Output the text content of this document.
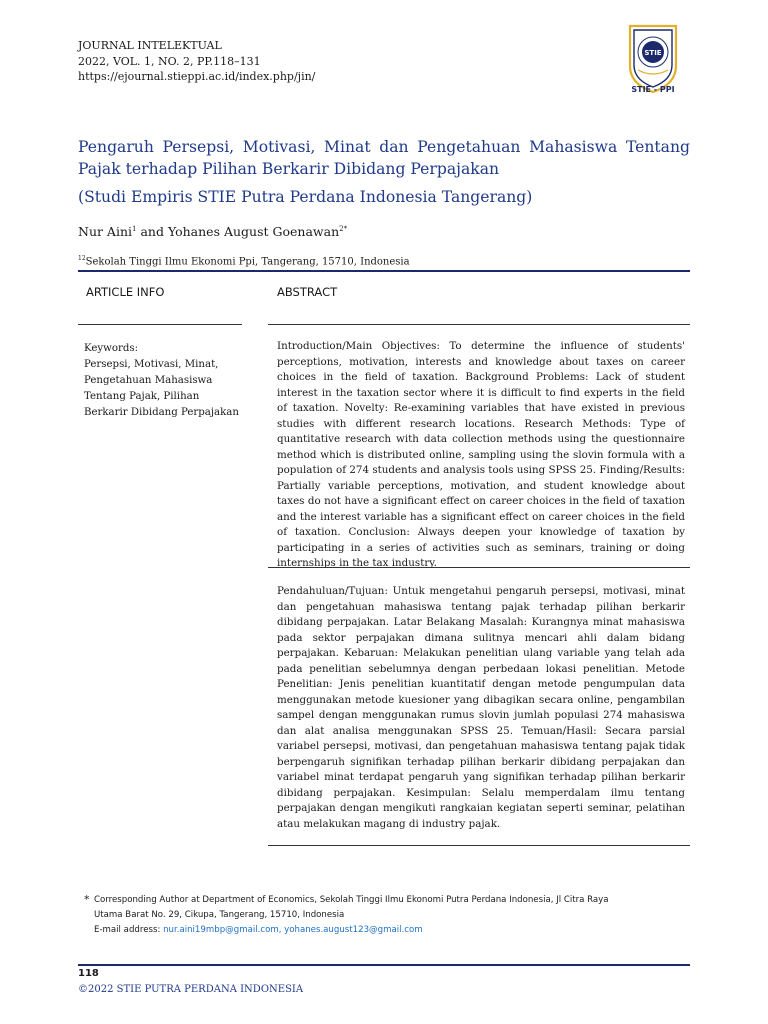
JOURNAL INTELEKTUAL
2022, VOL. 1, NO. 2, PP.118–131
https://ejournal.stieppi.ac.id/index.php/jin/
STIE
STIE - PPI
Pengaruh Persepsi, Motivasi, Minat dan Pengetahuan Mahasiswa Tentang Pajak terhadap Pilihan Berkarir Dibidang Perpajakan
(Studi Empiris STIE Putra Perdana Indonesia Tangerang)
Nur Aini$^1$ and Yohanes August Goenawan$^{2*}$
$^{12}$Sekolah Tinggi Ilmu Ekonomi Ppi, Tangerang, 15710, Indonesia
ARTICLE INFO	ABSTRACT
Keywords:
Persepsi, Motivasi, Minat, Pengetahuan Mahasiswa Tentang Pajak, Pilihan Berkarir Dibidang Perpajakan
Introduction/Main Objectives: To determine the influence of students' perceptions, motivation, interests and knowledge about taxes on career choices in the field of taxation. Background Problems: Lack of student interest in the taxation sector where it is difficult to find experts in the field of taxation. Novelty: Re-examining variables that have existed in previous studies with different research locations. Research Methods: Type of quantitative research with data collection methods using the questionnaire method which is distributed online, sampling using the slovin formula with a population of 274 students and analysis tools using SPSS 25. Finding/Results: Partially variable perceptions, motivation, and student knowledge about taxes do not have a significant effect on career choices in the field of taxation and the interest variable has a significant effect on career choices in the field of taxation. Conclusion: Always deepen your knowledge of taxation by participating in a series of activities such as seminars, training or doing internships in the tax industry.
Pendahuluan/Tujuan: Untuk mengetahui pengaruh persepsi, motivasi, minat dan pengetahuan mahasiswa tentang pajak terhadap pilihan berkarir dibidang perpajakan. Latar Belakang Masalah: Kurangnya minat mahasiswa pada sektor perpajakan dimana sulitnya mencari ahli dalam bidang perpajakan. Kebaruan: Melakukan penelitian ulang variable yang telah ada pada penelitian sebelumnya dengan perbedaan lokasi penelitian. Metode Penelitian: Jenis penelitian kuantitatif dengan metode pengumpulan data menggunakan metode kuesioner yang dibagikan secara online, pengambilan sampel dengan menggunakan rumus slovin jumlah populasi 274 mahasiswa dan alat analisa menggunakan SPSS 25. Temuan/Hasil: Secara parsial variabel persepsi, motivasi, dan pengetahuan mahasiswa tentang pajak tidak berpengaruh signifikan terhadap pilihan berkarir dibidang perpajakan dan variabel minat terdapat pengaruh yang signifikan terhadap pilihan berkarir dibidang perpajakan. Kesimpulan: Selalu memperdalam ilmu tentang perpajakan dengan mengikuti rangkaian kegiatan seperti seminar, pelatihan atau melakukan magang di industry pajak.
* Corresponding Author at Department of Economics, Sekolah Tinggi Ilmu Ekonomi Putra Perdana Indonesia, Jl Citra Raya
Utama Barat No. 29, Cikupa, Tangerang, 15710, Indonesia
E-mail address: nur.aini19mbp@gmail.com, yohanes.august123@gmail.com
118
©2022 STIE PUTRA PERDANA INDONESIA
